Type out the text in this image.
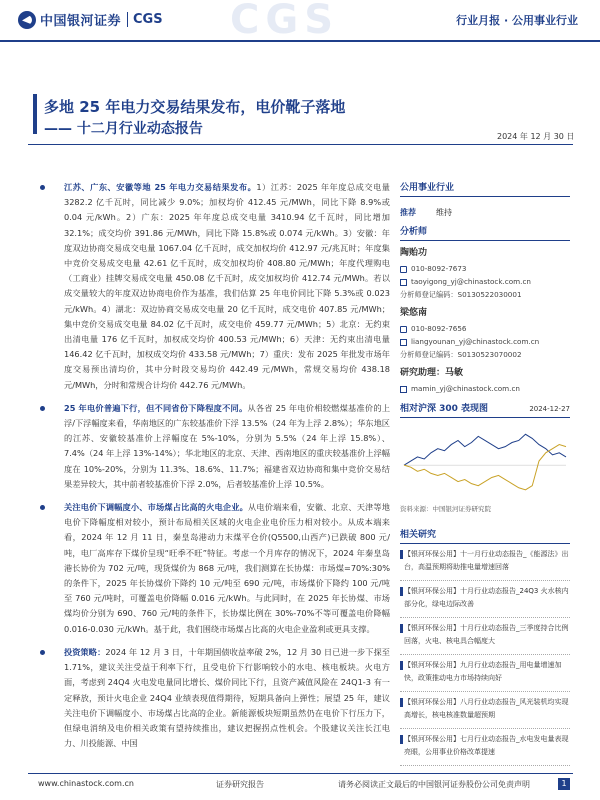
CGS
中国银河证券 CGS	行业月报 · 公用事业行业
多地 25 年电力交易结果发布，电价靴子落地
—— 十二月行业动态报告	2024 年 12 月 30 日
江苏、广东、安徽等地 25 年电力交易结果发布。1）江苏：2025 年年度总成交电量 3282.2 亿千瓦时，同比减少 9.0%；加权均价 412.45 元/MWh，同比下降 8.9%或 0.04 元/kWh。2）广东：2025 年年度总成交电量 3410.94 亿千瓦时，同比增加 32.1%；成交均价 391.86 元/MWh，同比下降 15.8%或 0.074 元/kWh。3）安徽：年度双边协商交易成交电量 1067.04 亿千瓦时，成交加权均价 412.97 元/兆瓦时；年度集中竞价交易成交电量 42.61 亿千瓦时，成交加权均价 408.80 元/MWh；年度代理购电（工商业）挂牌交易成交电量 450.08 亿千瓦时，成交加权均价 412.74 元/MWh。若以成交量较大的年度双边协商电价作为基准，我们估算 25 年电价同比下降 5.3%或 0.023 元/kWh。4）湖北：双边协商交易成交电量 20 亿千瓦时，成交电价 407.85 元/MWh；集中竞价交易成交电量 84.02 亿千瓦时，成交电价 459.77 元/MWh；5）北京：无约束出清电量 176 亿千瓦时，加权成交均价 400.53 元/MWh；6）天津：无约束出清电量 146.42 亿千瓦时，加权成交均价 433.58 元/MWh；7）重庆：发布 2025 年批发市场年度交易预出清均价，其中分时段交易均价 442.49 元/MWh，常规交易均价 438.18 元/MWh，分时和常规合计均价 442.76 元/MWh。
25 年电价普遍下行，但不同省份下降程度不同。从各省 25 年电价相较燃煤基准价的上浮/下浮幅度来看，华南地区的广东较基准价下浮 13.5%（24 年为上浮 2.8%）；华东地区的江苏、安徽较基准价上浮幅度在 5%-10%，分别为 5.5%（24 年上浮 15.8%）、7.4%（24 年上浮 13%-14%）；华北地区的北京、天津、西南地区的重庆较基准价上浮幅度在 10%-20%，分别为 11.3%、18.6%、11.7%；福建省双边协商和集中竞价交易结果差异较大，其中前者较基准价下浮 2.0%，后者较基准价上浮 10.5%。
关注电价下调幅度小、市场煤占比高的火电企业。从电价端来看，安徽、北京、天津等地电价下降幅度相对较小，预计布局相关区域的火电企业电价压力相对较小。从成本端来看，2024 年 12 月 11 日，秦皇岛港动力末煤平仓价(Q5500,山西产)已跌破 800 元/吨，电厂高库存下煤价呈现“旺季不旺”特征。考虑一个月库存的情况下，2024 年秦皇岛港长协价为 702 元/吨，现货煤价为 868 元/吨，我们测算在长协煤：市场煤=70%:30%的条件下，2025 年长协煤价下降约 10 元/吨至 690 元/吨，市场煤价下降约 100 元/吨至 760 元/吨时，可覆盖电价降幅 0.016 元/kWh。与此同时，在 2025 年长协煤、市场煤均价分别为 690、760 元/吨的条件下，长协煤比例在 30%-70%不等可覆盖电价降幅 0.016-0.030 元/kWh。基于此，我们围绕市场煤占比高的火电企业盈利或更具支撑。
投资策略：2024 年 12 月 3 日，十年期国债收益率破 2%，12 月 30 日已进一步下探至 1.71%，建议关注受益于利率下行，且受电价下行影响较小的水电、核电板块。火电方面，考虑到 24Q4 火电发电量同比增长、煤价同比下行，且资产减值风险在 24Q1-3 有一定释放，预计火电企业 24Q4 业绩表现值得期待，短期具备向上弹性；展望 25 年，建议关注电价下调幅度小、市场煤占比高的企业。新能源板块短期虽然仍在电价下行压力下，但绿电消纳及电价相关政策有望持续推出，建议把握拐点性机会。个股建议关注长江电力、川投能源、中国
公用事业行业
推荐	维持
分析师
陶贻功
010-8092-7673
taoyigong_yj@chinastock.com.cn
分析师登记编码：S0130522030001
梁悠南
010-8092-7656
liangyounan_yj@chinastock.com.cn
分析师登记编码：S0130523070002
研究助理：马敏
mamin_yj@chinastock.com.cn
相对沪深 300 表现图	2024-12-27
资料来源：中国银河证券研究院
相关研究
【银河环保公用】十一月行业动态报告_《能源法》出台，高温预期将助推电量增速回落
【银河环保公用】十月行业动态报告_24Q3 火水核内部分化，绿电边际改善
【银河环保公用】十月行业动态报告_三季度持合比例回落，火电、核电具合幅度大
【银河环保公用】九月行业动态报告_用电量增速加快，政策推动电力市场持续向好
【银河环保公用】八月行业动态报告_风光装机均实现高增长，核电核准数量超预期
【银河环保公用】七月行业动态报告_水电发电量表现亮眼，公用事业价格改革提速
www.chinastock.com.cn	证券研究报告	请务必阅读正文最后的中国银河证券股份公司免责声明	1
